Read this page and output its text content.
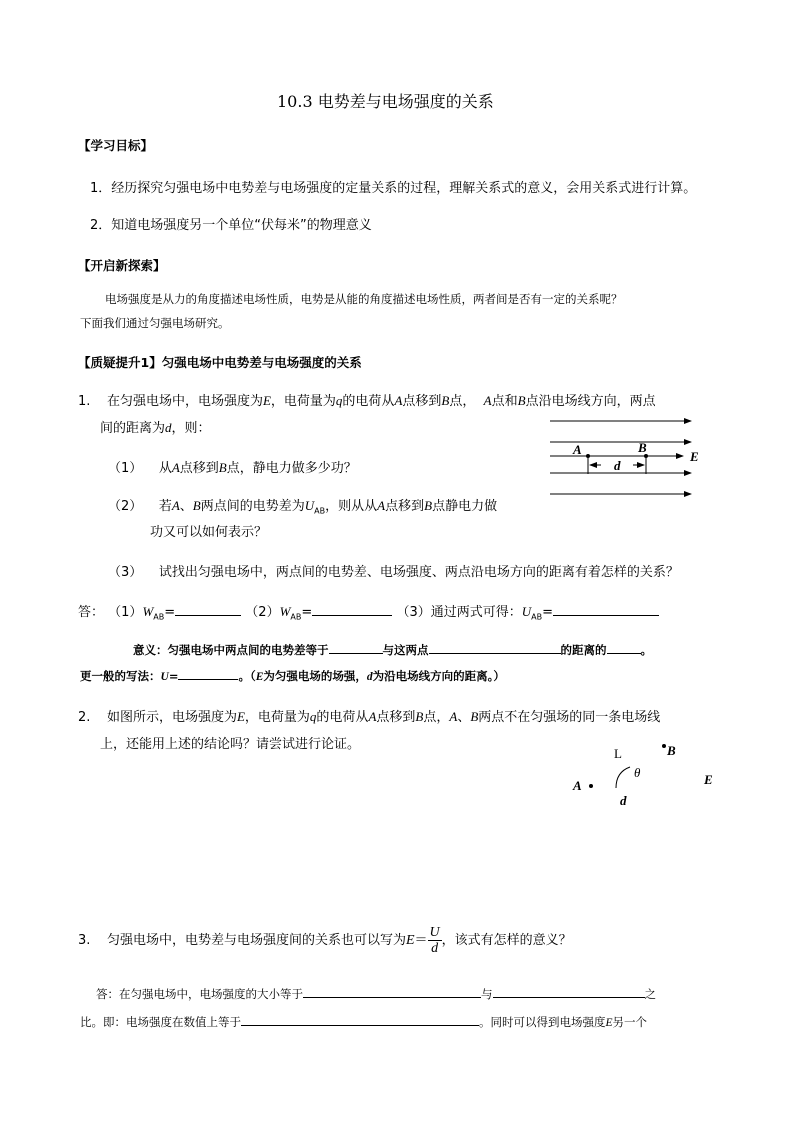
10.3 电势差与电场强度的关系
【学习目标】
1．经历探究匀强电场中电势差与电场强度的定量关系的过程，理解关系式的意义，会用关系式进行计算。
2．知道电场强度另一个单位“伏每米”的物理意义
【开启新探索】
电场强度是从力的角度描述电场性质，电势是从能的角度描述电场性质，两者间是否有一定的关系呢？
下面我们通过匀强电场研究。
【质疑提升1】匀强电场中电势差与电场强度的关系
1. 在匀强电场中，电场强度为E，电荷量为q的电荷从A点移到B点， A点和B点沿电场线方向，两点
间的距离为d，则：
（1） 从A点移到B点，静电力做多少功？
（2） 若A、B两点间的电势差为$U_{AB}$，则从从A点移到B点静电力做
功又可以如何表示？
（3） 试找出匀强电场中，两点间的电势差、电场强度、两点沿电场方向的距离有着怎样的关系？
A	B
d
E
答： $(1)W_{AB}=$	$(2)W_{AB}=$	（3）通过两式可得：$U_{AB}=$
意义：匀强电场中两点间的电势差等于	与这两点	的距离的	。
更一般的写法：U=	。（E为匀强电场的场强，d为沿电场线方向的距离。）
2. 如图所示，电场强度为E，电荷量为q的电荷从A点移到B点，A、B两点不在匀强场的同一条电场线
上，还能用上述的结论吗？请尝试进行论证。
L	B
θ
A
d
E
3. 匀强电场中，电势差与电场强度间的关系也可以写为$E= \frac{U}{d}$ ，该式有怎样的意义？
答：在匀强电场中，电场强度的大小等于	与	之
比。即：电场强度在数值上等于	。同时可以得到电场强度E另一个
